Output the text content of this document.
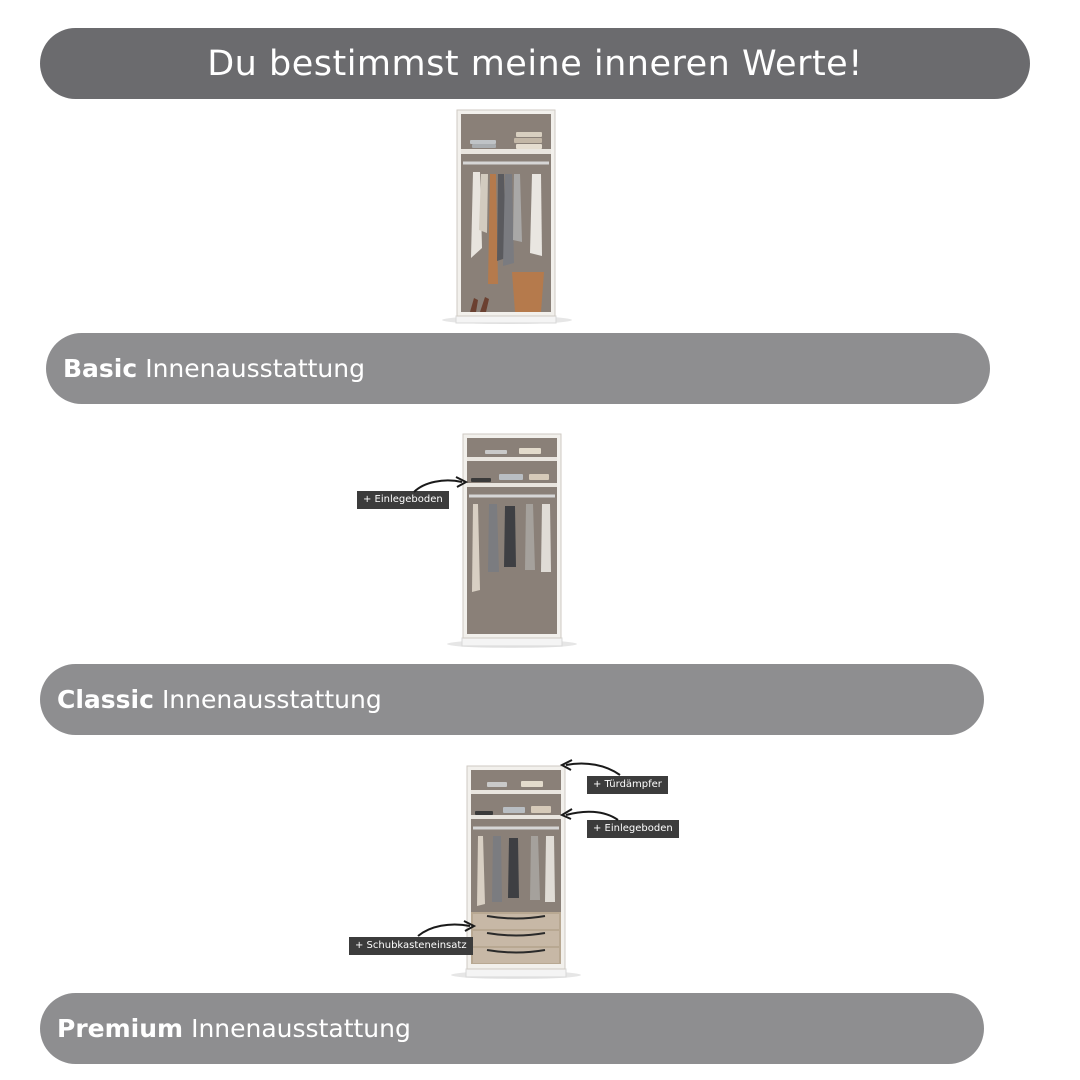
Du bestimmst meine inneren Werte!
Basic Innenausstattung
+ Einlegeboden
Classic Innenausstattung
+ Türdämpfer
+ Einlegeboden
+ Schubkasteneinsatz
Premium Innenausstattung
